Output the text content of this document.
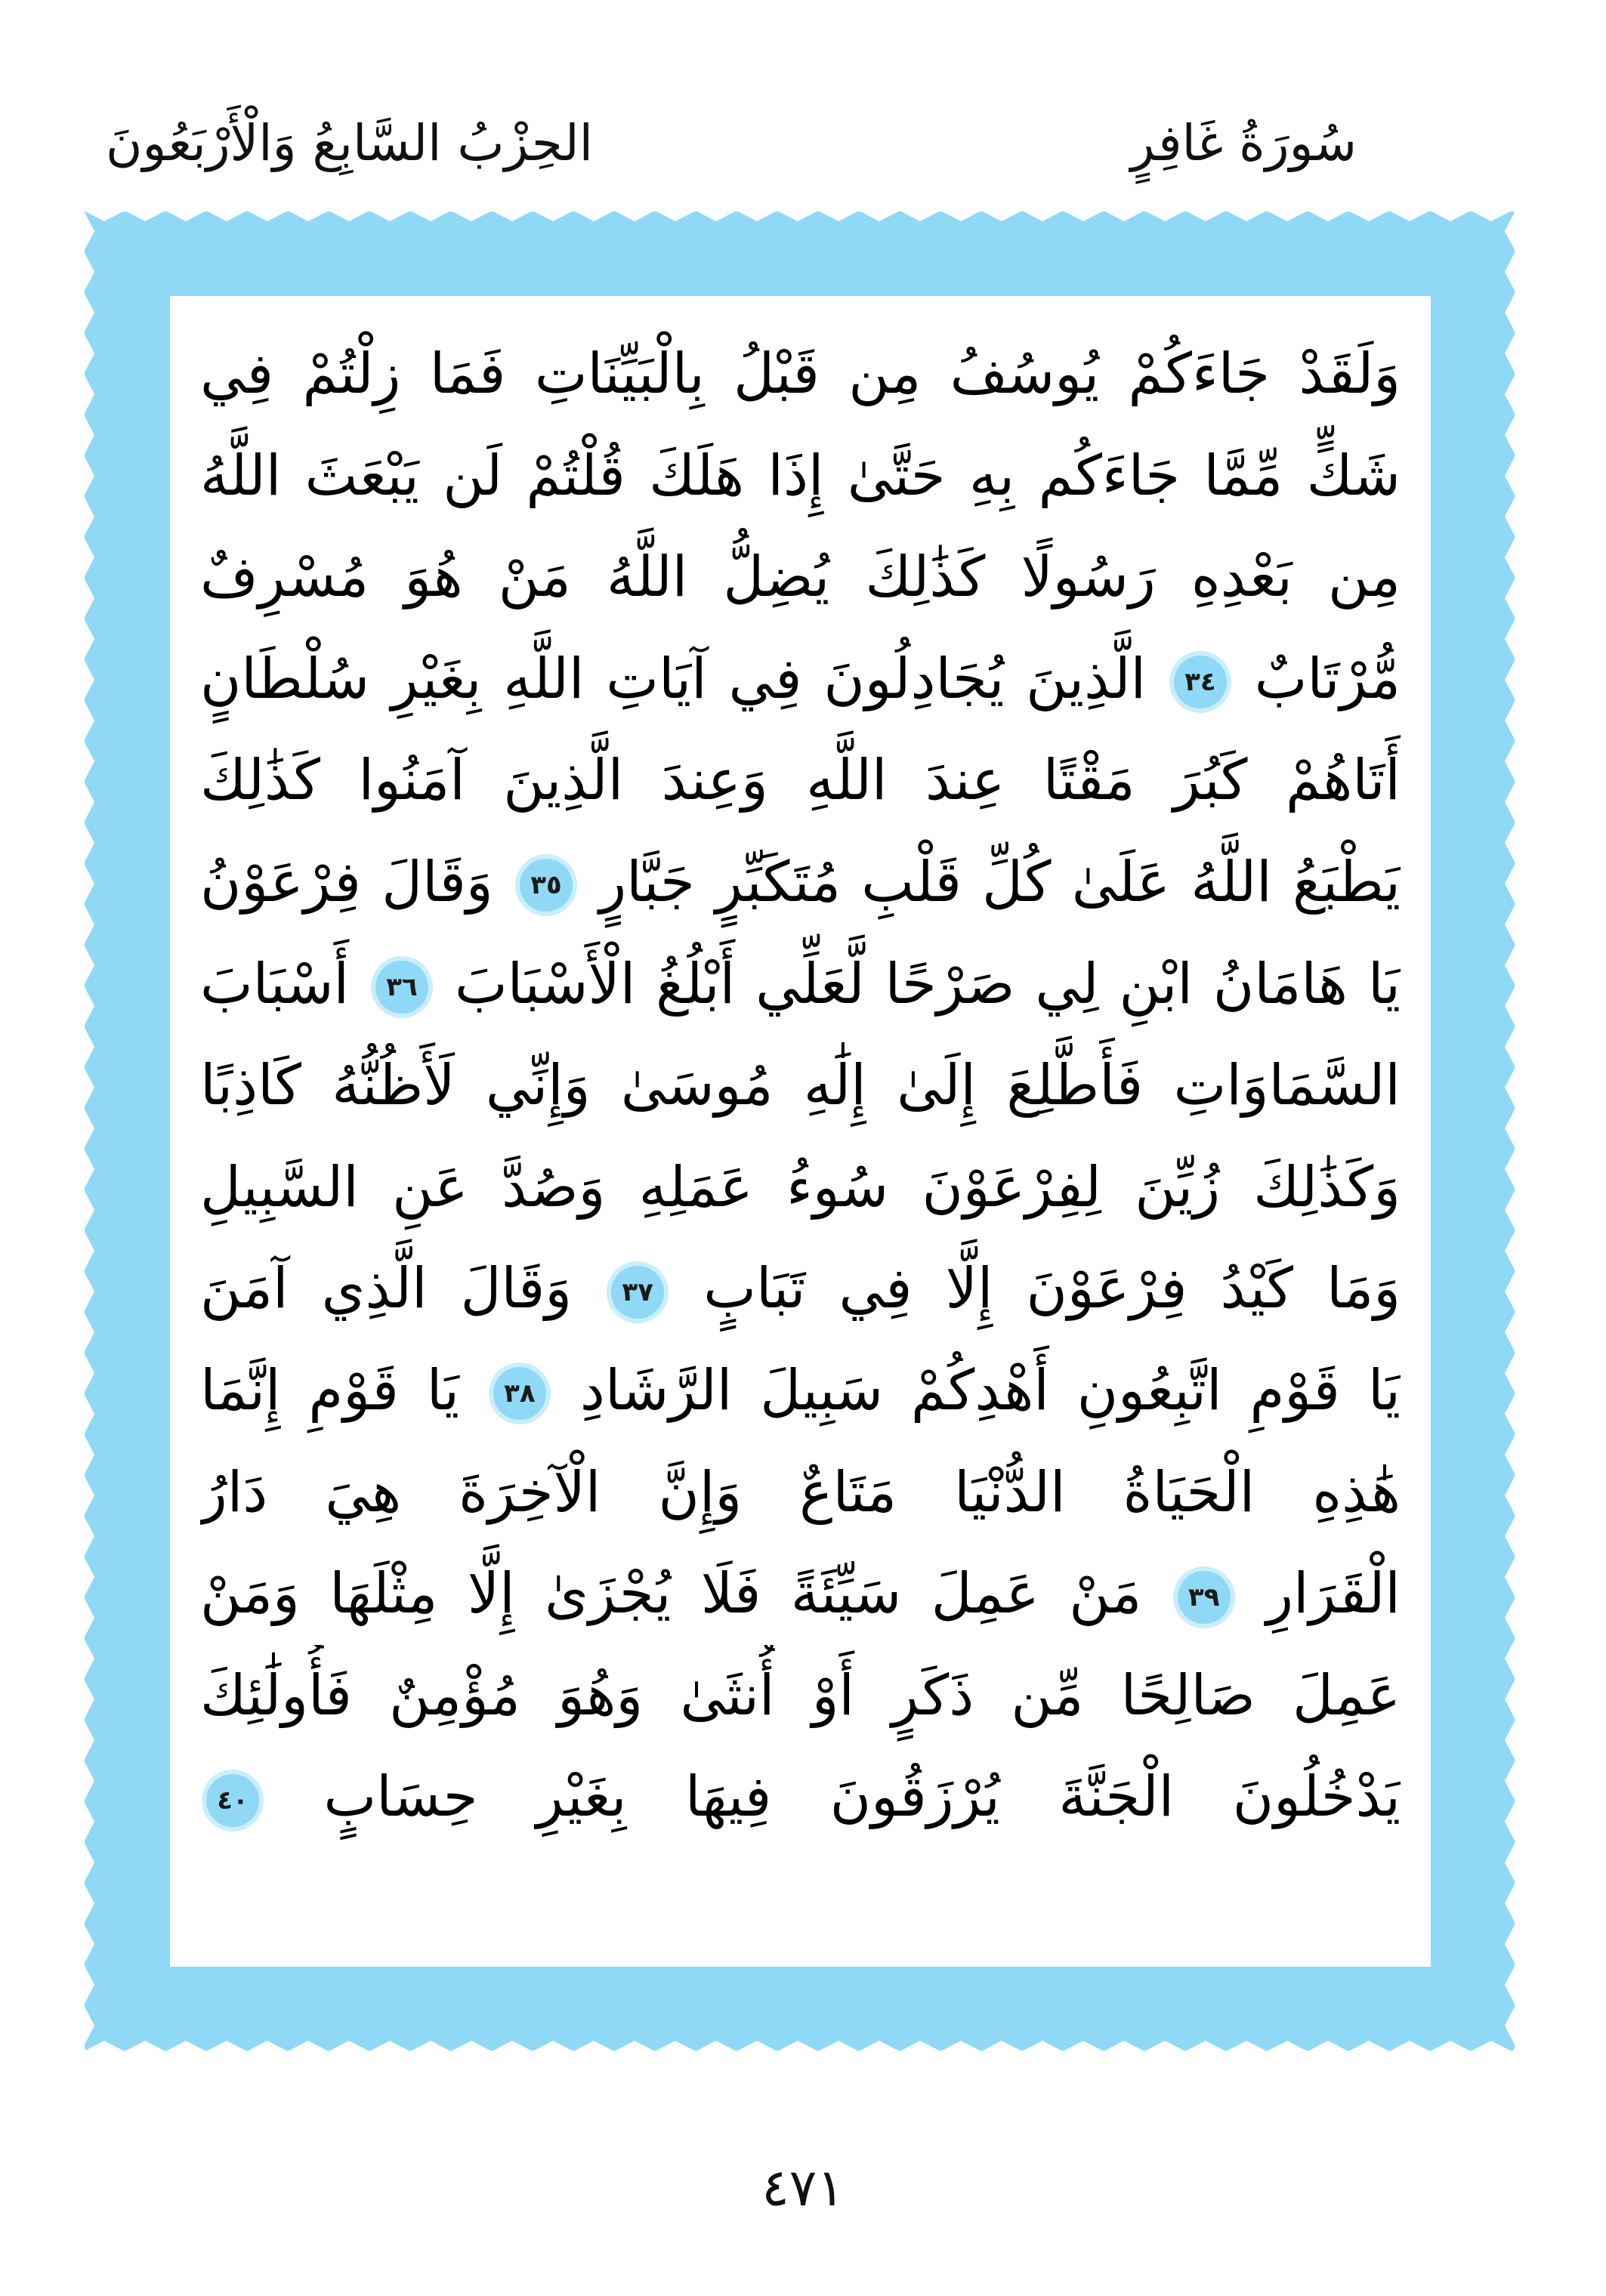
الحِزْبُ السَّابِعُ وَالْأَرْبَعُونَ	سُورَةُ غَافِرٍ
وَلَقَدْ جَاءَكُمْ يُوسُفُ مِن قَبْلُ بِالْبَيِّنَاتِ فَمَا زِلْتُمْ فِي
شَكٍّ مِّمَّا جَاءَكُم بِهِ حَتَّىٰ إِذَا هَلَكَ قُلْتُمْ لَن يَبْعَثَ اللَّهُ
مِن بَعْدِهِ رَسُولًا كَذَٰلِكَ يُضِلُّ اللَّهُ مَنْ هُوَ مُسْرِفٌ
مُّرْتَابٌ ٣٤ الَّذِينَ يُجَادِلُونَ فِي آيَاتِ اللَّهِ بِغَيْرِ سُلْطَانٍ
أَتَاهُمْ كَبُرَ مَقْتًا عِندَ اللَّهِ وَعِندَ الَّذِينَ آمَنُوا كَذَٰلِكَ
يَطْبَعُ اللَّهُ عَلَىٰ كُلِّ قَلْبِ مُتَكَبِّرٍ جَبَّارٍ ٣٥ وَقَالَ فِرْعَوْنُ
يَا هَامَانُ ابْنِ لِي صَرْحًا لَّعَلِّي أَبْلُغُ الْأَسْبَابَ ٣٦ أَسْبَابَ
السَّمَاوَاتِ فَأَطَّلِعَ إِلَىٰ إِلَٰهِ مُوسَىٰ وَإِنِّي لَأَظُنُّهُ كَاذِبًا
وَكَذَٰلِكَ زُيِّنَ لِفِرْعَوْنَ سُوءُ عَمَلِهِ وَصُدَّ عَنِ السَّبِيلِ
وَمَا كَيْدُ فِرْعَوْنَ إِلَّا فِي تَبَابٍ ٣٧ وَقَالَ الَّذِي آمَنَ
يَا قَوْمِ اتَّبِعُونِ أَهْدِكُمْ سَبِيلَ الرَّشَادِ ٣٨ يَا قَوْمِ إِنَّمَا
هَٰذِهِ الْحَيَاةُ الدُّنْيَا مَتَاعٌ وَإِنَّ الْآخِرَةَ هِيَ دَارُ
الْقَرَارِ ٣٩ مَنْ عَمِلَ سَيِّئَةً فَلَا يُجْزَىٰ إِلَّا مِثْلَهَا وَمَنْ
عَمِلَ صَالِحًا مِّن ذَكَرٍ أَوْ أُنثَىٰ وَهُوَ مُؤْمِنٌ فَأُولَٰئِكَ
يَدْخُلُونَ الْجَنَّةَ يُرْزَقُونَ فِيهَا بِغَيْرِ حِسَابٍ ٤٠
٤٧١
